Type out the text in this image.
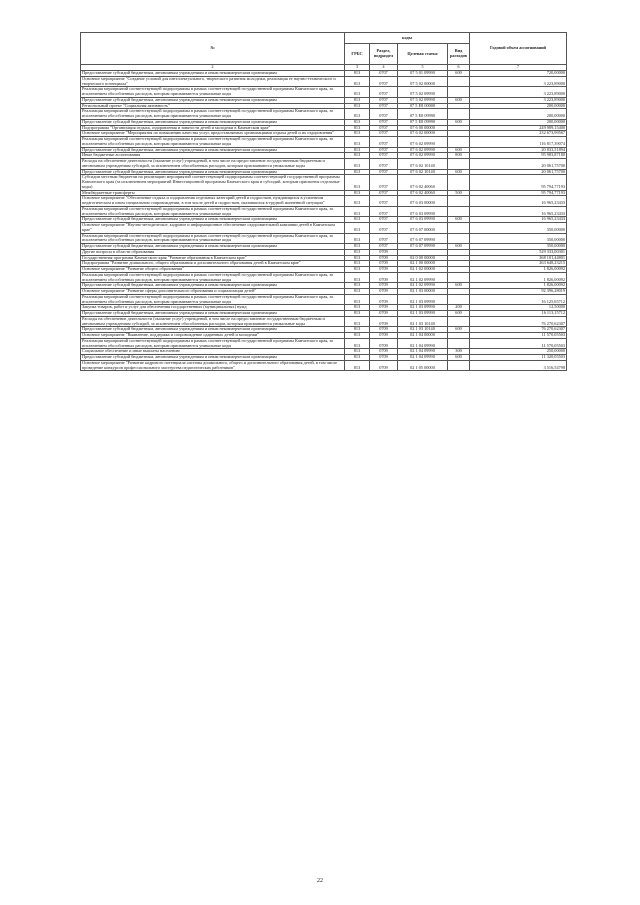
№	коды				Годовой объем ассигнований
	ГРБС	Раздел, подраздел	Целевая статья	Вид расходов	
2	3	4	5	6	7
Предоставление субсидий бюджетным, автономным учреждениям и иным некоммерческим организациям	813	0707	07 5 01 09990	600	720,00000
Основное мероприятие "Создание условий для интеллектуального, творческого развития молодежи, реализация ее научно-технического и творческого потенциала"	813	0707	07 5 02 00000		3 223,89000
Реализация мероприятий соответствующей подпрограммы в рамках соответствующей государственной программы Камчатского края, за исключением обособленных расходов, которым присваиваются уникальные коды	813	0707	07 5 02 09990		3 223,89000
Предоставление субсидий бюджетным, автономным учреждениям и иным некоммерческим организациям	813	0707	07 5 02 09990	600	3 223,89000
Региональный проект "Социальная активность"	813	0707	07 5 E8 00000		200,00000
Реализация мероприятий соответствующей подпрограммы в рамках соответствующей государственной программы Камчатского края, за исключением обособленных расходов, которым присваиваются уникальные коды	813	0707	07 5 E8 09990		200,00000
Предоставление субсидий бюджетным, автономным учреждениям и иным некоммерческим организациям	813	0707	07 5 E8 09990	600	200,00000
Подпрограмма "Организация отдыха, оздоровления и занятости детей и молодежи в Камчатском крае"	813	0707	07 6 00 00000		249 989,15400
Основное мероприятие "Мероприятия по повышению качества услуг, предоставляемых организациями отдыха детей и их оздоровления"	813	0707	07 6 02 00000		232 673,99567
Реализация мероприятий соответствующей подпрограммы в рамках соответствующей государственной программы Камчатского края, за исключением обособленных расходов, которым присваиваются уникальные коды	813	0707	07 6 02 09990		116 817,39074
Предоставление субсидий бюджетным, автономным учреждениям и иным некоммерческим организациям	813	0707	07 6 02 09990	600	20 833,51894
Иные бюджетные ассигнования	813	0707	07 6 02 09990	800	95 983,87180
Расходы на обеспечение деятельности (оказание услуг) учреждений, в том числе на предоставление государственным бюджетным и автономным учреждениям субсидий, за исключением обособленных расходов, которым присваиваются уникальные коды	813	0707	07 6 02 10140		20 061,75700
Предоставление субсидий бюджетным, автономным учреждениям и иным некоммерческим организациям	813	0707	07 6 02 10140	600	20 061,75700
Субсидии местным бюджетам на реализацию мероприятий соответствующей подпрограммы соответствующей государственной программы Камчатского края (за исключением мероприятий Инвестиционной программы Камчатского края и субсидий, которым присвоены отдельные коды)	813	0707	07 6 02 40060		95 794,77193
Межбюджетные трансферты	813	0707	07 6 02 40060	500	95 794,77193
Основное мероприятие "Обеспечение отдыха и оздоровления отдельных категорий детей и подростков, нуждающихся в усиленном педагогическом и ином специальном сопровождении, в том числе детей и подростков, оказавшихся в трудной жизненной ситуации"	813	0707	07 6 03 00000		16 965,23433
Реализация мероприятий соответствующей подпрограммы в рамках соответствующей государственной программы Камчатского края, за исключением обособленных расходов, которым присваиваются уникальные коды	813	0707	07 6 03 09990		16 965,23433
Предоставление субсидий бюджетным, автономным учреждениям и иным некоммерческим организациям	813	0707	07 6 03 09990	600	16 965,23433
Основное мероприятие "Научно-методическое, кадровое и информационное обеспечение оздоровительной кампании детей в Камчатском крае"	813	0707	07 6 07 00000		350,00000
Реализация мероприятий соответствующей подпрограммы в рамках соответствующей государственной программы Камчатского края, за исключением обособленных расходов, которым присваиваются уникальные коды	813	0707	07 6 07 09990		350,00000
Предоставление субсидий бюджетным, автономным учреждениям и иным некоммерческим организациям	813	0707	07 6 07 09990	600	350,00000
Другие вопросы в области образования	813	0709			529 333,00301
Государственная программа Камчатского края "Развитие образования в Камчатском крае"	813	0709	02 0 00 00000		368 101,44801
Подпрограмма "Развитие дошкольного, общего образования и дополнительного образования детей в Камчатском крае"	813	0709	02 1 00 00000		263 648,23215
Основное мероприятие "Развитие общего образования"	813	0709	02 1 02 00000		1 826,00092
Реализация мероприятий соответствующей подпрограммы в рамках соответствующей государственной программы Камчатского края, за исключением обособленных расходов, которым присваиваются уникальные коды	813	0709	02 1 02 09990		1 826,00092
Предоставление субсидий бюджетным, автономным учреждениям и иным некоммерческим организациям	813	0709	02 1 02 09990	600	1 826,00092
Основное мероприятие "Развитие сферы дополнительного образования и социализации детей"	813	0709	02 1 03 00000		92 396,28019
Реализация мероприятий соответствующей подпрограммы в рамках соответствующей государственной программы Камчатского края, за исключением обособленных расходов, которым присваиваются уникальные коды	813	0709	02 1 03 09990		16 125,65712
Закупка товаров, работ и услуг для обеспечения государственных (муниципальных) нужд	813	0709	02 1 03 09990	200	12,50000
Предоставление субсидий бюджетным, автономным учреждениям и иным некоммерческим организациям	813	0709	02 1 03 09990	600	16 113,15712
Расходы на обеспечение деятельности (оказание услуг) учреждений, в том числе на предоставление государственным бюджетным и автономным учреждениям субсидий, за исключением обособленных расходов, которым присваиваются уникальные коды	813	0709	02 1 03 10140		76 270,62307
Предоставление субсидий бюджетным, автономным учреждениям и иным некоммерческим организациям	813	0709	02 1 03 10140	600	76 270,62307
Основное мероприятие "Выявление, поддержка и сопровождение одаренных детей и молодежи"	813	0709	02 1 04 00000		11 570,05503
Реализация мероприятий соответствующей подпрограммы в рамках соответствующей государственной программы Камчатского края, за исключением обособленных расходов, которым присваиваются уникальные коды	813	0709	02 1 04 09990		11 570,05503
Социальное обеспечение и иные выплаты населению	813	0709	02 1 04 09990	300	250,00000
Предоставление субсидий бюджетным, автономным учреждениям и иным некоммерческим организациям	813	0709	02 1 04 09990	600	11 320,05503
Основное мероприятие "Развитие кадрового потенциала системы дошкольного, общего и дополнительного образования детей, в том числе проведение конкурсов профессионального мастерства педагогических работников"	813	0709	02 1 05 00000		3 516,54798
22
